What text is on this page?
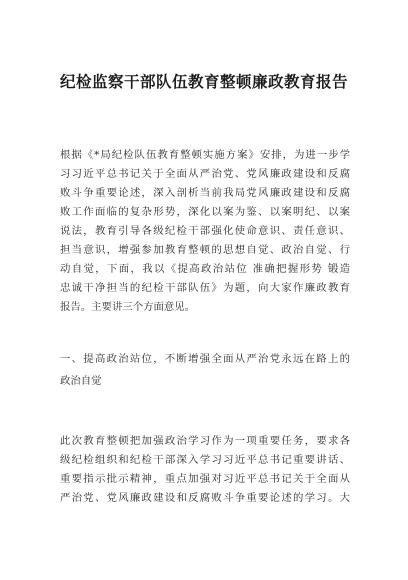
纪检监察干部队伍教育整顿廉政教育报告
根据《*局纪检队伍教育整顿实施方案》安排，为进一步学
习习近平总书记关于全面从严治党、党风廉政建设和反腐
败斗争重要论述，深入剖析当前我局党风廉政建设和反腐
败工作面临的复杂形势，深化以案为鉴、以案明纪、以案
说法，教育引导各级纪检干部强化使命意识、责任意识、
担当意识，增强参加教育整顿的思想自觉、政治自觉、行
动自觉，下面，我以《提高政治站位 准确把握形势 锻造
忠诚干净担当的纪检干部队伍》为题，向大家作廉政教育
报告。主要讲三个方面意见。
一、提高政治站位，不断增强全面从严治党永远在路上的
政治自觉
此次教育整顿把加强政治学习作为一项重要任务，要求各
级纪检组织和纪检干部深入学习习近平总书记重要讲话、
重要指示批示精神，重点加强对习近平总书记关于全面从
严治党、党风廉政建设和反腐败斗争重要论述的学习。大
